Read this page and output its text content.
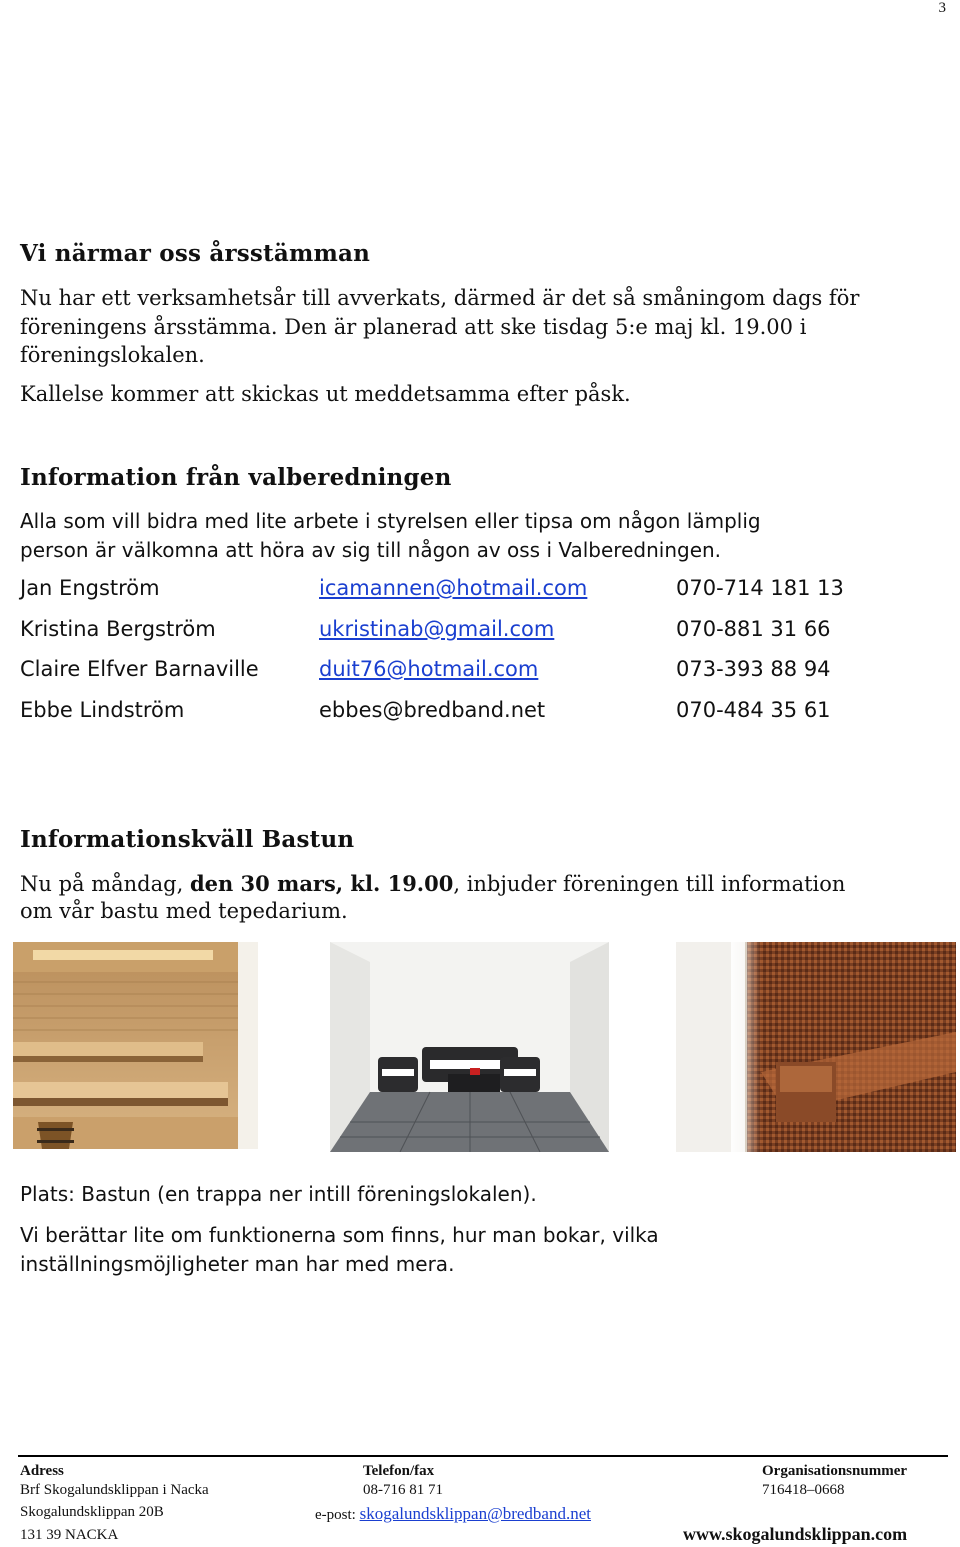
3
Vi närmar oss årsstämman

Nu har ett verksamhetsår till avverkats, därmed är det så småningom dags för

föreningens årsstämma. Den är planerad att ske tisdag 5:e maj kl. 19.00 i

föreningslokalen.

Kallelse kommer att skickas ut meddetsamma efter påsk.

Information från valberedningen

Alla som vill bidra med lite arbete i styrelsen eller tipsa om någon lämplig

person är välkomna att höra av sig till någon av oss i Valberedningen.

Jan Engström	icamannen@hotmail.com	070-714 181 13
Kristina Bergström	ukristinab@gmail.com	070-881 31 66
Claire Elfver Barnaville	duit76@hotmail.com	073-393 88 94
Ebbe Lindström	ebbes@bredband.net	070-484 35 61
Informationskväll Bastun

Nu på måndag, den 30 mars, kl. 19.00, inbjuder föreningen till information

om vår bastu med tepedarium.

Plats: Bastun (en trappa ner intill föreningslokalen).

Vi berättar lite om funktionerna som finns, hur man bokar, vilka

inställningsmöjligheter man har med mera.

Adress
Brf Skogalundsklippan i Nacka
Skogalundsklippan 20B
131 39 NACKA
Telefon/fax
08-716 81 71
e-post: skogalundsklippan@bredband.net
Organisationsnummer
716418–0668
www.skogalundsklippan.com
